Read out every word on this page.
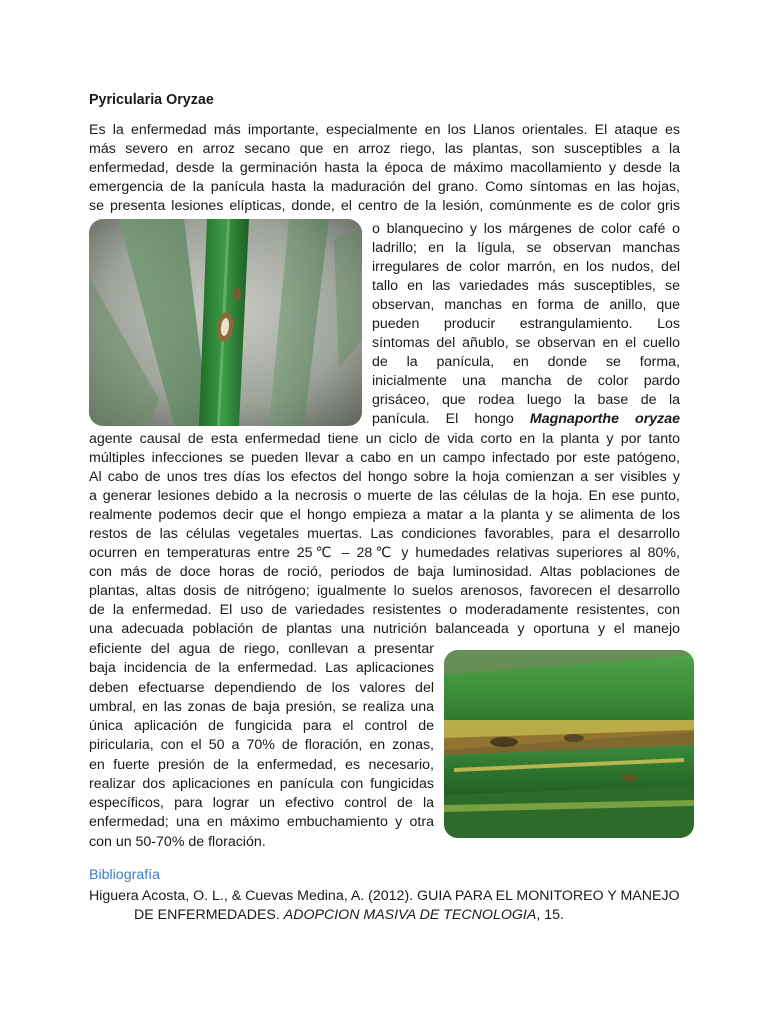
Pyricularia Oryzae

Es la enfermedad más importante, especialmente en los Llanos orientales. El ataque es

más severo en arroz secano que en arroz riego, las plantas, son susceptibles a la

enfermedad, desde la germinación hasta la época de máximo macollamiento y desde la

emergencia de la panícula hasta la maduración del grano. Como síntomas en las hojas,

se presenta lesiones elípticas, donde, el centro de la lesión, comúnmente es de color gris

o blanquecino y los márgenes de color café o

ladrillo; en la lígula, se observan manchas

irregulares de color marrón, en los nudos, del

tallo en las variedades más susceptibles, se

observan, manchas en forma de anillo, que

pueden producir estrangulamiento. Los

síntomas del añublo, se observan en el cuello

de la panícula, en donde se forma,

inicialmente una mancha de color pardo

grisáceo, que rodea luego la base de la

panícula. El hongo Magnaporthe oryzae

agente causal de esta enfermedad tiene un ciclo de vida corto en la planta y por tanto

múltiples infecciones se pueden llevar a cabo en un campo infectado por este patógeno,

Al cabo de unos tres días los efectos del hongo sobre la hoja comienzan a ser visibles y

a generar lesiones debido a la necrosis o muerte de las células de la hoja. En ese punto,

realmente podemos decir que el hongo empieza a matar a la planta y se alimenta de los

restos de las células vegetales muertas. Las condiciones favorables, para el desarrollo

ocurren en temperaturas entre 25℃ – 28℃ y humedades relativas superiores al 80%,

con más de doce horas de roció, periodos de baja luminosidad. Altas poblaciones de

plantas, altas dosis de nitrógeno; igualmente lo suelos arenosos, favorecen el desarrollo

de la enfermedad. El uso de variedades resistentes o moderadamente resistentes, con

una adecuada población de plantas una nutrición balanceada y oportuna y el manejo

eficiente del agua de riego, conllevan a presentar

baja incidencia de la enfermedad. Las aplicaciones

deben efectuarse dependiendo de los valores del

umbral, en las zonas de baja presión, se realiza una

única aplicación de fungicida para el control de

piricularia, con el 50 a 70% de floración, en zonas,

en fuerte presión de la enfermedad, es necesario,

realizar dos aplicaciones en panícula con fungicidas

específicos, para lograr un efectivo control de la

enfermedad; una en máximo embuchamiento y otra

con un 50-70% de floración.

Bibliografía

Higuera Acosta, O. L., & Cuevas Medina, A. (2012). GUIA PARA EL MONITOREO Y MANEJO

DE ENFERMEDADES. ADOPCION MASIVA DE TECNOLOGIA, 15.
